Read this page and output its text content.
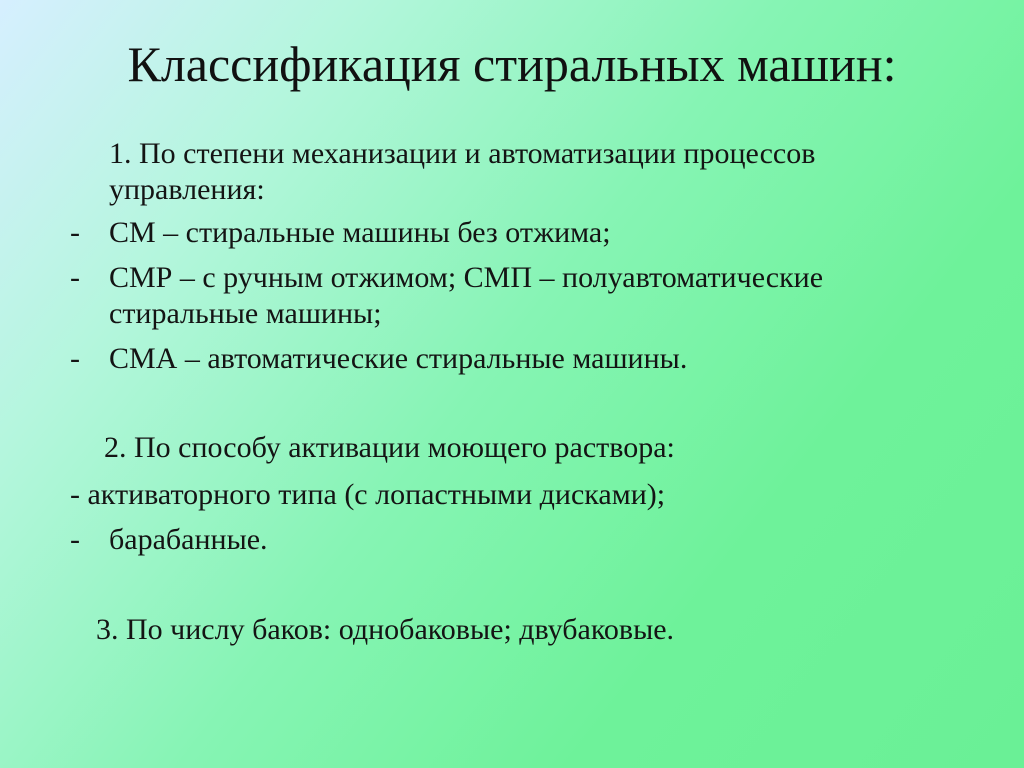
Классификация стиральных машин:
1. По степени механизации и автоматизации процессов
управления:
- СМ – стиральные машины без отжима;
- СМР – с ручным отжимом; СМП – полуавтоматические
стиральные машины;
- СМА – автоматические стиральные машины.
2. По способу активации моющего раствора:
- активаторного типа (с лопастными дисками);
- барабанные.
3. По числу баков: однобаковые; двубаковые.
